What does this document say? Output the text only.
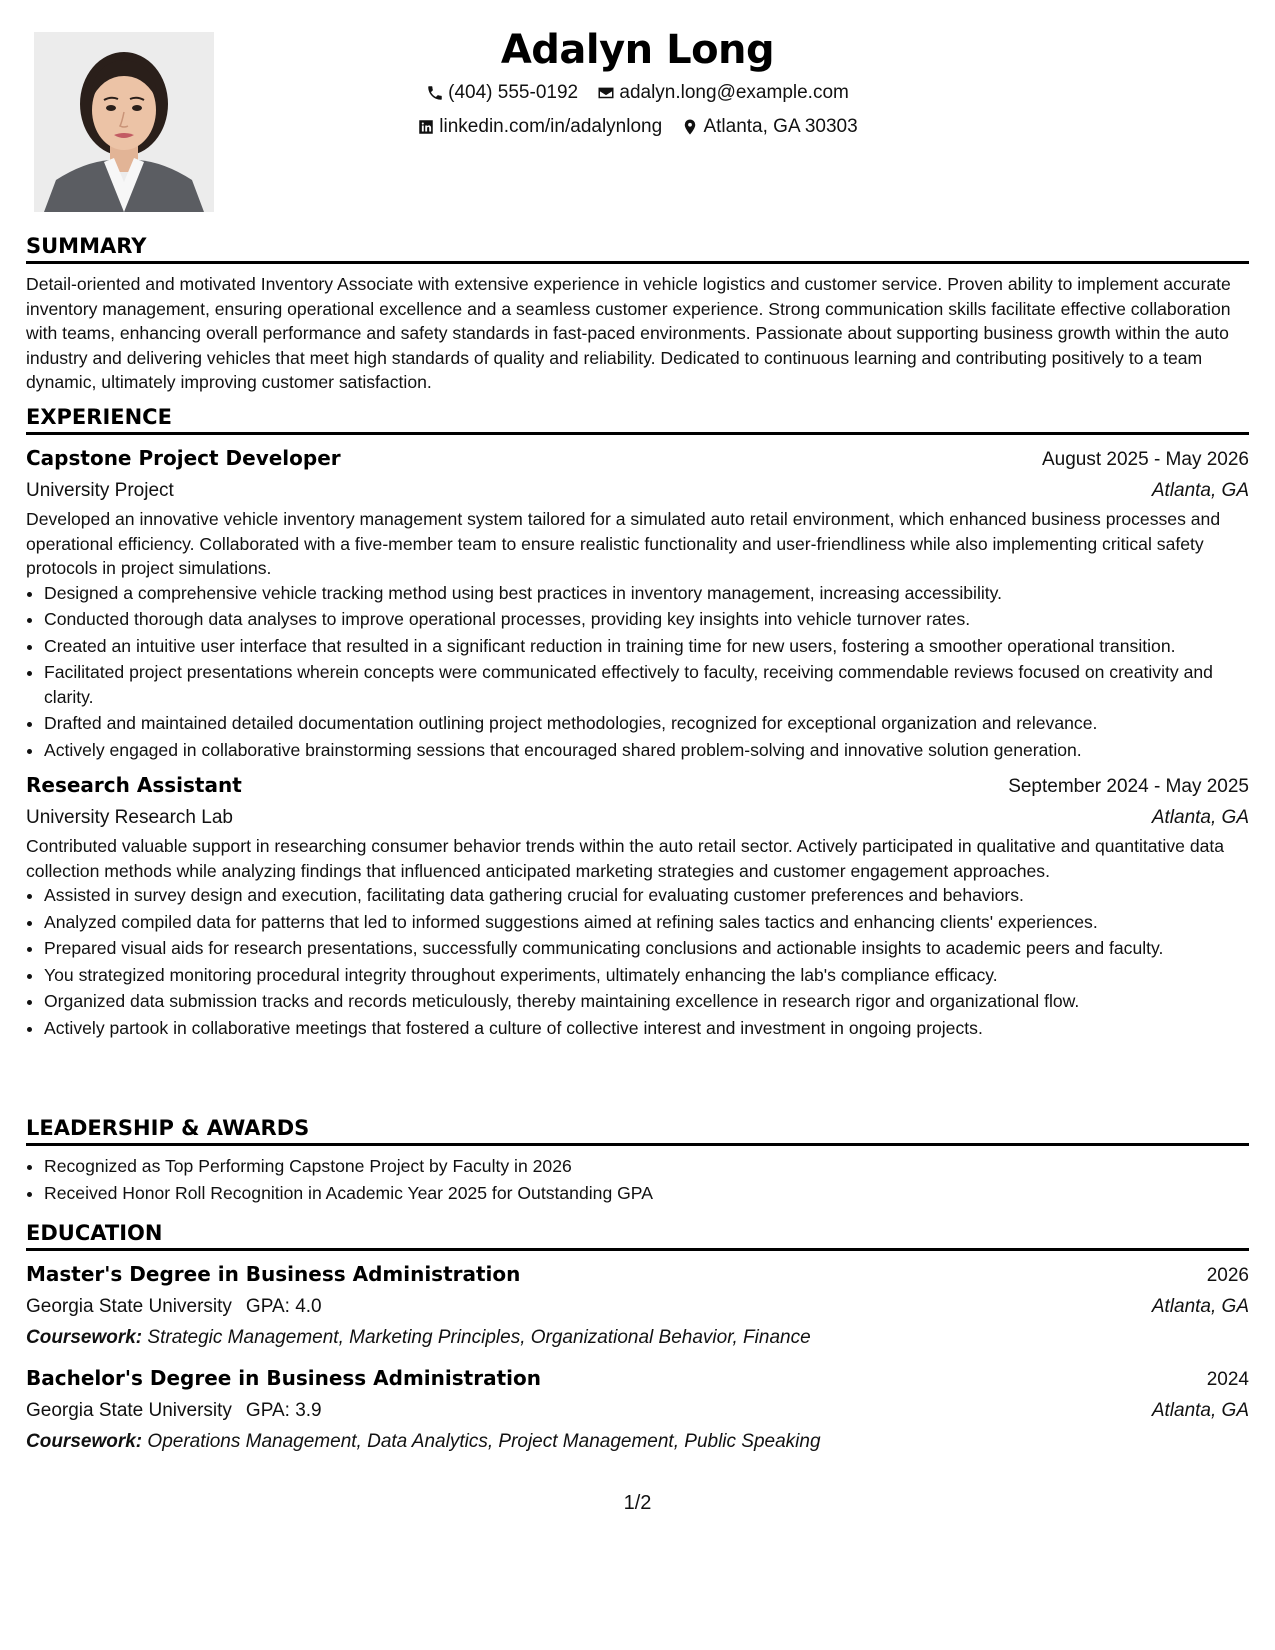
Adalyn Long
(404) 555-0192
adalyn.long@example.com
linkedin.com/in/adalynlong
Atlanta, GA 30303
SUMMARY

Detail-oriented and motivated Inventory Associate with extensive experience in vehicle logistics and customer service. Proven ability to implement accurate inventory management, ensuring operational excellence and a seamless customer experience. Strong communication skills facilitate effective collaboration with teams, enhancing overall performance and safety standards in fast-paced environments. Passionate about supporting business growth within the auto industry and delivering vehicles that meet high standards of quality and reliability. Dedicated to continuous learning and contributing positively to a team dynamic, ultimately improving customer satisfaction.

EXPERIENCE
Capstone Project Developer	August 2025 - May 2026
University Project	Atlanta, GA

Developed an innovative vehicle inventory management system tailored for a simulated auto retail environment, which enhanced business processes and operational efficiency. Collaborated with a five-member team to ensure realistic functionality and user-friendliness while also implementing critical safety protocols in project simulations.

• Designed a comprehensive vehicle tracking method using best practices in inventory management, increasing accessibility.
• Conducted thorough data analyses to improve operational processes, providing key insights into vehicle turnover rates.
• Created an intuitive user interface that resulted in a significant reduction in training time for new users, fostering a smoother operational transition.
• Facilitated project presentations wherein concepts were communicated effectively to faculty, receiving commendable reviews focused on creativity and clarity.
• Drafted and maintained detailed documentation outlining project methodologies, recognized for exceptional organization and relevance.
• Actively engaged in collaborative brainstorming sessions that encouraged shared problem-solving and innovative solution generation.
Research Assistant	September 2024 - May 2025
University Research Lab	Atlanta, GA

Contributed valuable support in researching consumer behavior trends within the auto retail sector. Actively participated in qualitative and quantitative data collection methods while analyzing findings that influenced anticipated marketing strategies and customer engagement approaches.

• Assisted in survey design and execution, facilitating data gathering crucial for evaluating customer preferences and behaviors.
• Analyzed compiled data for patterns that led to informed suggestions aimed at refining sales tactics and enhancing clients' experiences.
• Prepared visual aids for research presentations, successfully communicating conclusions and actionable insights to academic peers and faculty.
• You strategized monitoring procedural integrity throughout experiments, ultimately enhancing the lab's compliance efficacy.
• Organized data submission tracks and records meticulously, thereby maintaining excellence in research rigor and organizational flow.
• Actively partook in collaborative meetings that fostered a culture of collective interest and investment in ongoing projects.
LEADERSHIP & AWARDS
• Recognized as Top Performing Capstone Project by Faculty in 2026
• Received Honor Roll Recognition in Academic Year 2025 for Outstanding GPA
EDUCATION
Master's Degree in Business Administration	2026
Georgia State University GPA: 4.0	Atlanta, GA
Coursework: Strategic Management, Marketing Principles, Organizational Behavior, Finance
Bachelor's Degree in Business Administration	2024
Georgia State University GPA: 3.9	Atlanta, GA
Coursework: Operations Management, Data Analytics, Project Management, Public Speaking
1/2
